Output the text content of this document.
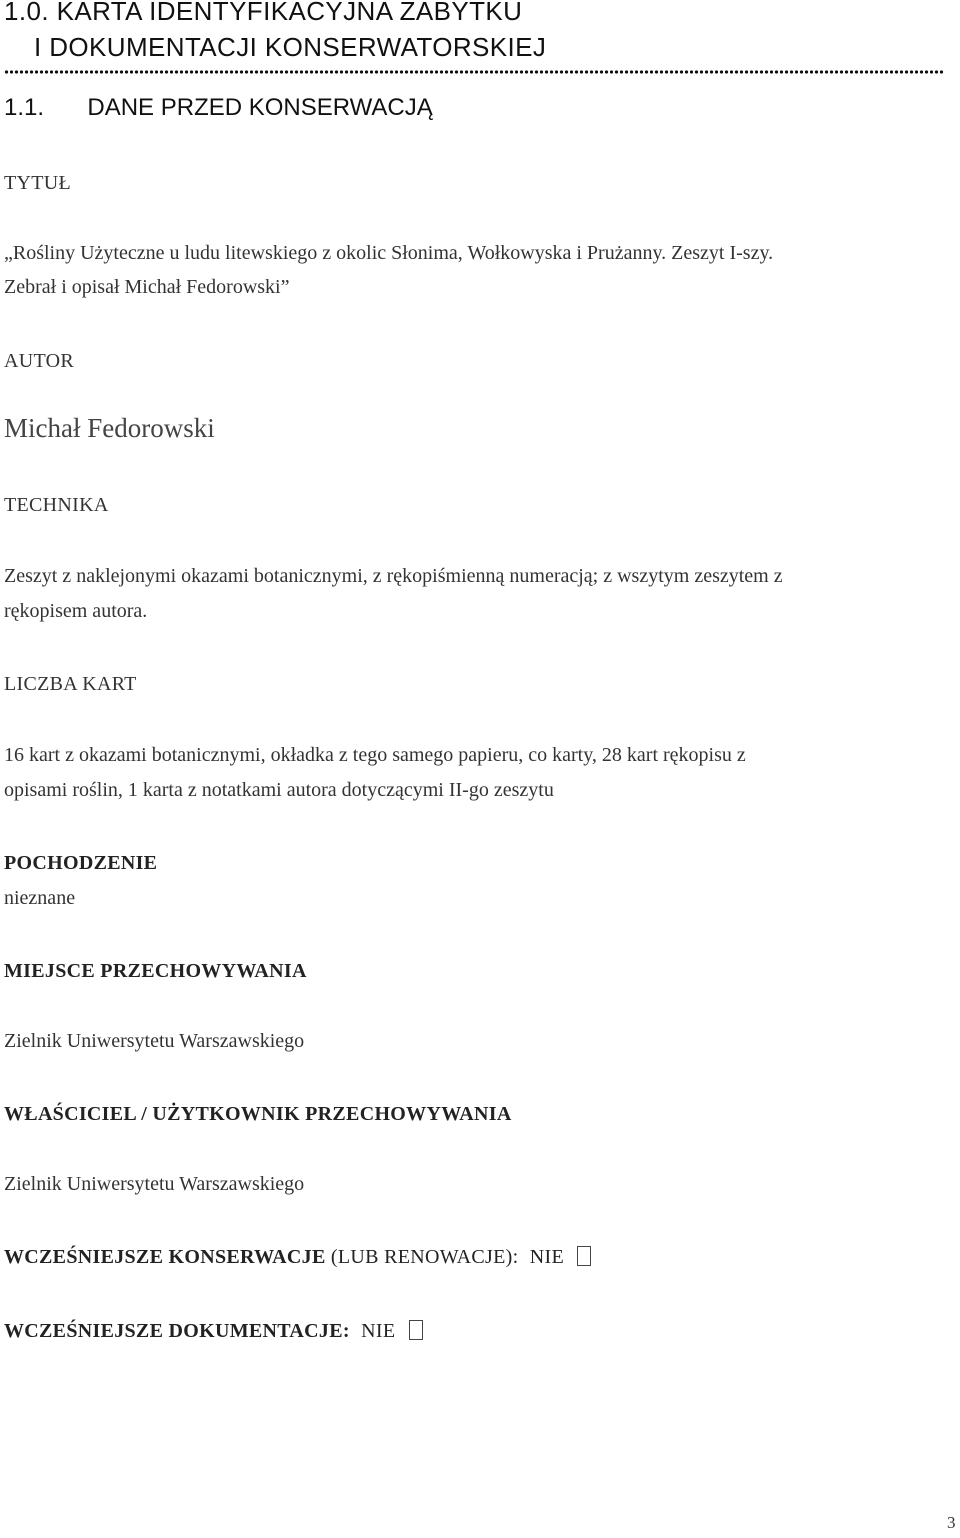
1.0. KARTA IDENTYFIKACYJNA ZABYTKU
I DOKUMENTACJI KONSERWATORSKIEJ
1.1. DANE PRZED KONSERWACJĄ
TYTUŁ
„Rośliny Użyteczne u ludu litewskiego z okolic Słonima, Wołkowyska i Prużanny. Zeszyt I-szy.
Zebrał i opisał Michał Fedorowski”
AUTOR
Michał Fedorowski
TECHNIKA
Zeszyt z naklejonymi okazami botanicznymi, z rękopiśmienną numeracją; z wszytym zeszytem z
rękopisem autora.
LICZBA KART
16 kart z okazami botanicznymi, okładka z tego samego papieru, co karty, 28 kart rękopisu z
opisami roślin, 1 karta z notatkami autora dotyczącymi II-go zeszytu
POCHODZENIE
nieznane
MIEJSCE PRZECHOWYWANIA
Zielnik Uniwersytetu Warszawskiego
WŁAŚCICIEL / UŻYTKOWNIK PRZECHOWYWANIA
Zielnik Uniwersytetu Warszawskiego
WCZEŚNIEJSZE KONSERWACJE (LUB RENOWACJE): NIE
WCZEŚNIEJSZE DOKUMENTACJE: NIE
3
